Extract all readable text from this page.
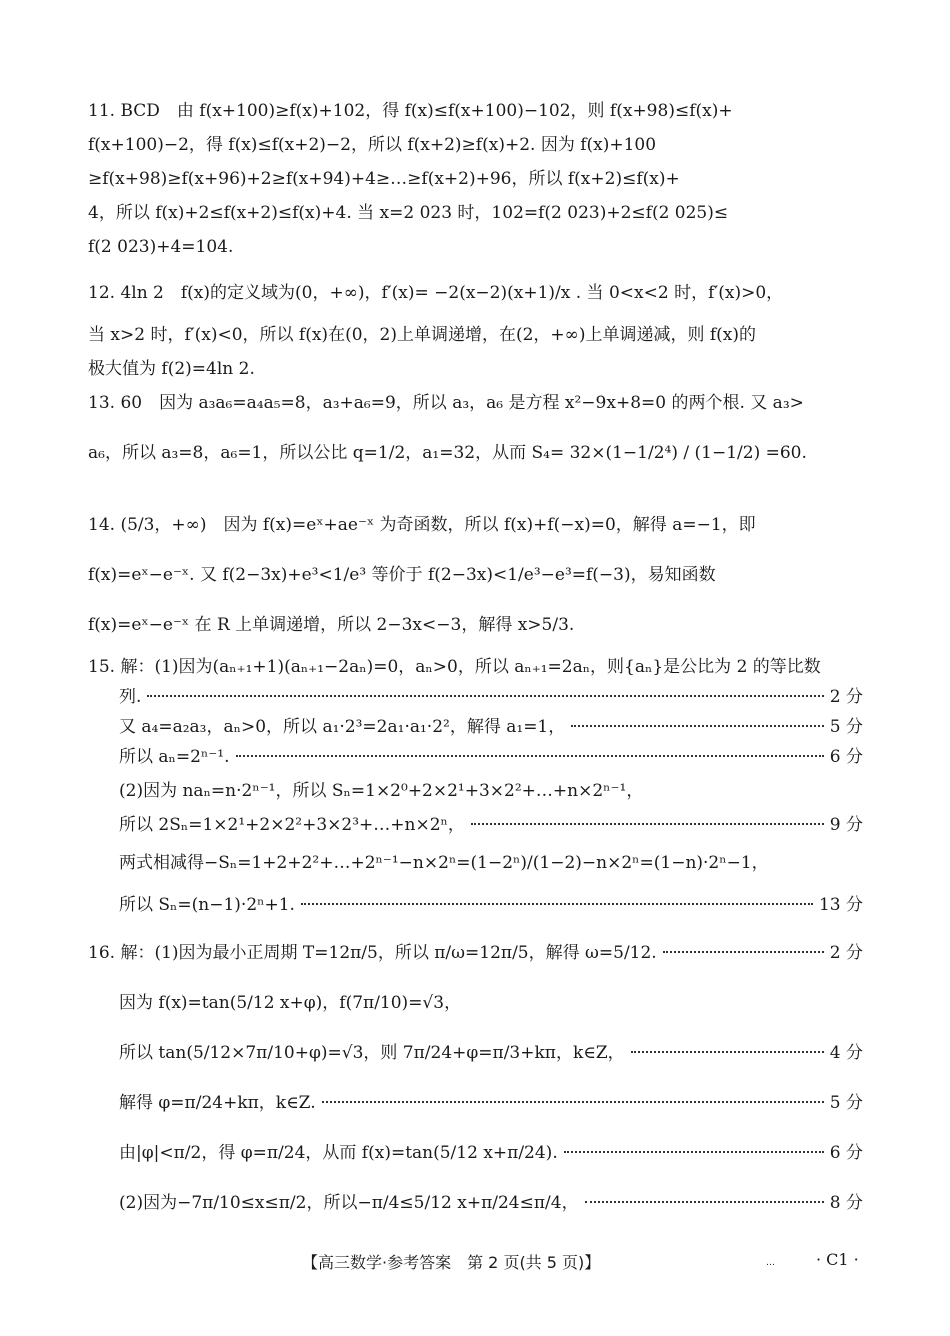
11. BCD　由 f(x+100)≥f(x)+102，得 f(x)≤f(x+100)−102，则 f(x+98)≤f(x)+
f(x+100)−2，得 f(x)≤f(x+2)−2，所以 f(x+2)≥f(x)+2. 因为 f(x)+100
≥f(x+98)≥f(x+96)+2≥f(x+94)+4≥…≥f(x+2)+96，所以 f(x+2)≤f(x)+
4，所以 f(x)+2≤f(x+2)≤f(x)+4. 当 x=2 023 时，102=f(2 023)+2≤f(2 025)≤
f(2 023)+4=104.
12. 4ln 2　f(x)的定义域为(0，+∞)，f′(x)= −2(x−2)(x+1)/x . 当 0<x<2 时，f′(x)>0，
当 x>2 时，f′(x)<0，所以 f(x)在(0，2)上单调递增，在(2，+∞)上单调递减，则 f(x)的
极大值为 f(2)=4ln 2.
13. 60　因为 a₃a₆=a₄a₅=8，a₃+a₆=9，所以 a₃，a₆ 是方程 x²−9x+8=0 的两个根. 又 a₃>
a₆，所以 a₃=8，a₆=1，所以公比 q=1/2，a₁=32，从而 S₄= 32×(1−1/2⁴) / (1−1/2) =60.
14. (5/3，+∞)　因为 f(x)=eˣ+ae⁻ˣ 为奇函数，所以 f(x)+f(−x)=0，解得 a=−1，即
f(x)=eˣ−e⁻ˣ. 又 f(2−3x)+e³<1/e³ 等价于 f(2−3x)<1/e³−e³=f(−3)，易知函数
f(x)=eˣ−e⁻ˣ 在 R 上单调递增，所以 2−3x<−3，解得 x>5/3.
15. 解：(1)因为(aₙ₊₁+1)(aₙ₊₁−2aₙ)=0，aₙ>0，所以 aₙ₊₁=2aₙ，则{aₙ}是公比为 2 的等比数
列.	2 分
又 a₄=a₂a₃，aₙ>0，所以 a₁·2³=2a₁·a₁·2²，解得 a₁=1，	5 分
所以 aₙ=2ⁿ⁻¹.	6 分
(2)因为 naₙ=n·2ⁿ⁻¹，所以 Sₙ=1×2⁰+2×2¹+3×2²+…+n×2ⁿ⁻¹，
所以 2Sₙ=1×2¹+2×2²+3×2³+…+n×2ⁿ，	9 分
两式相减得−Sₙ=1+2+2²+…+2ⁿ⁻¹−n×2ⁿ=(1−2ⁿ)/(1−2)−n×2ⁿ=(1−n)·2ⁿ−1，
所以 Sₙ=(n−1)·2ⁿ+1.	13 分
16. 解：(1)因为最小正周期 T=12π/5，所以 π/ω=12π/5，解得 ω=5/12.	2 分
因为 f(x)=tan(5/12 x+φ)，f(7π/10)=√3，
所以 tan(5/12×7π/10+φ)=√3，则 7π/24+φ=π/3+kπ，k∈Z，	4 分
解得 φ=π/24+kπ，k∈Z.	5 分
由|φ|<π/2，得 φ=π/24，从而 f(x)=tan(5/12 x+π/24).	6 分
(2)因为−7π/10≤x≤π/2，所以−π/4≤5/12 x+π/24≤π/4，	8 分
【高三数学·参考答案　第 2 页(共 5 页)】	…	· C1 ·
